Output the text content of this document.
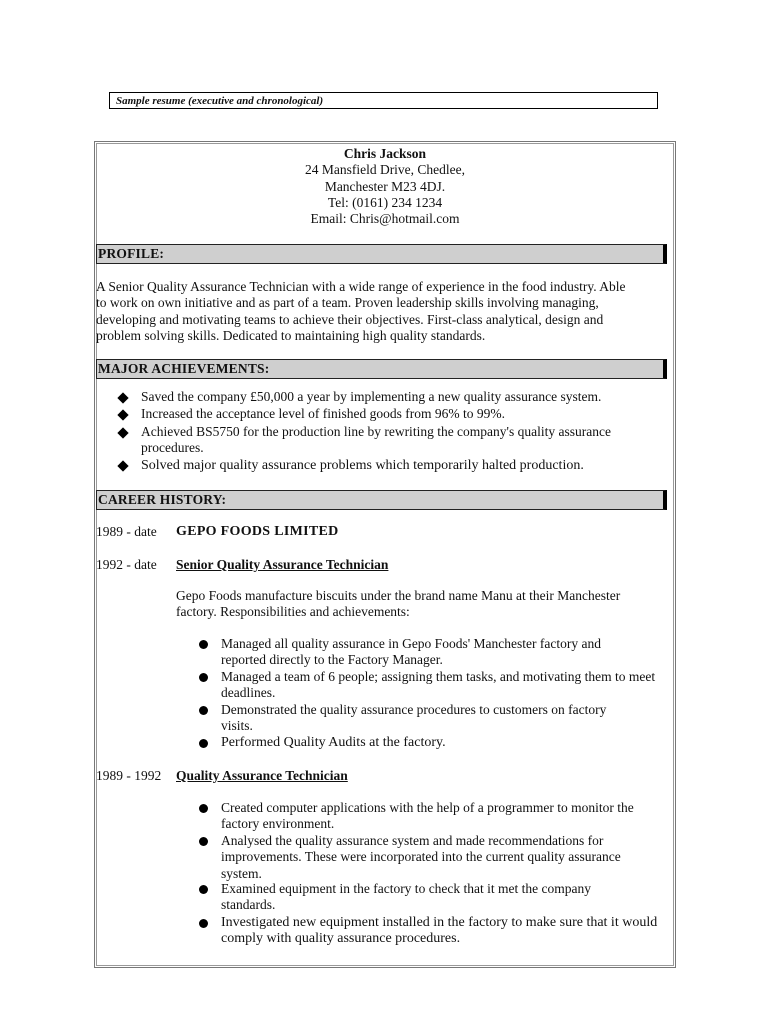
Sample resume (executive and chronological)
Chris Jackson
24 Mansfield Drive, Chedlee,
Manchester M23 4DJ.
Tel: (0161) 234 1234
Email: Chris@hotmail.com
PROFILE:
A Senior Quality Assurance Technician with a wide range of experience in the food industry. Able
to work on own initiative and as part of a team. Proven leadership skills involving managing,
developing and motivating teams to achieve their objectives. First-class analytical, design and
problem solving skills. Dedicated to maintaining high quality standards.
MAJOR ACHIEVEMENTS:
Saved the company £50,000 a year by implementing a new quality assurance system.
Increased the acceptance level of finished goods from 96% to 99%.
Achieved BS5750 for the production line by rewriting the company's quality assurance procedures.
Solved major quality assurance problems which temporarily halted production.
CAREER HISTORY:
1989 - date GEPO FOODS LIMITED
1992 - date Senior Quality Assurance Technician
Gepo Foods manufacture biscuits under the brand name Manu at their Manchester factory. Responsibilities and achievements:
Managed all quality assurance in Gepo Foods' Manchester factory and reported directly to the Factory Manager.
Managed a team of 6 people; assigning them tasks, and motivating them to meet deadlines.
Demonstrated the quality assurance procedures to customers on factory visits.
Performed Quality Audits at the factory.
1989 - 1992 Quality Assurance Technician
Created computer applications with the help of a programmer to monitor the factory environment.
Analysed the quality assurance system and made recommendations for improvements. These were incorporated into the current quality assurance system.
Examined equipment in the factory to check that it met the company standards.
Investigated new equipment installed in the factory to make sure that it would comply with quality assurance procedures.
